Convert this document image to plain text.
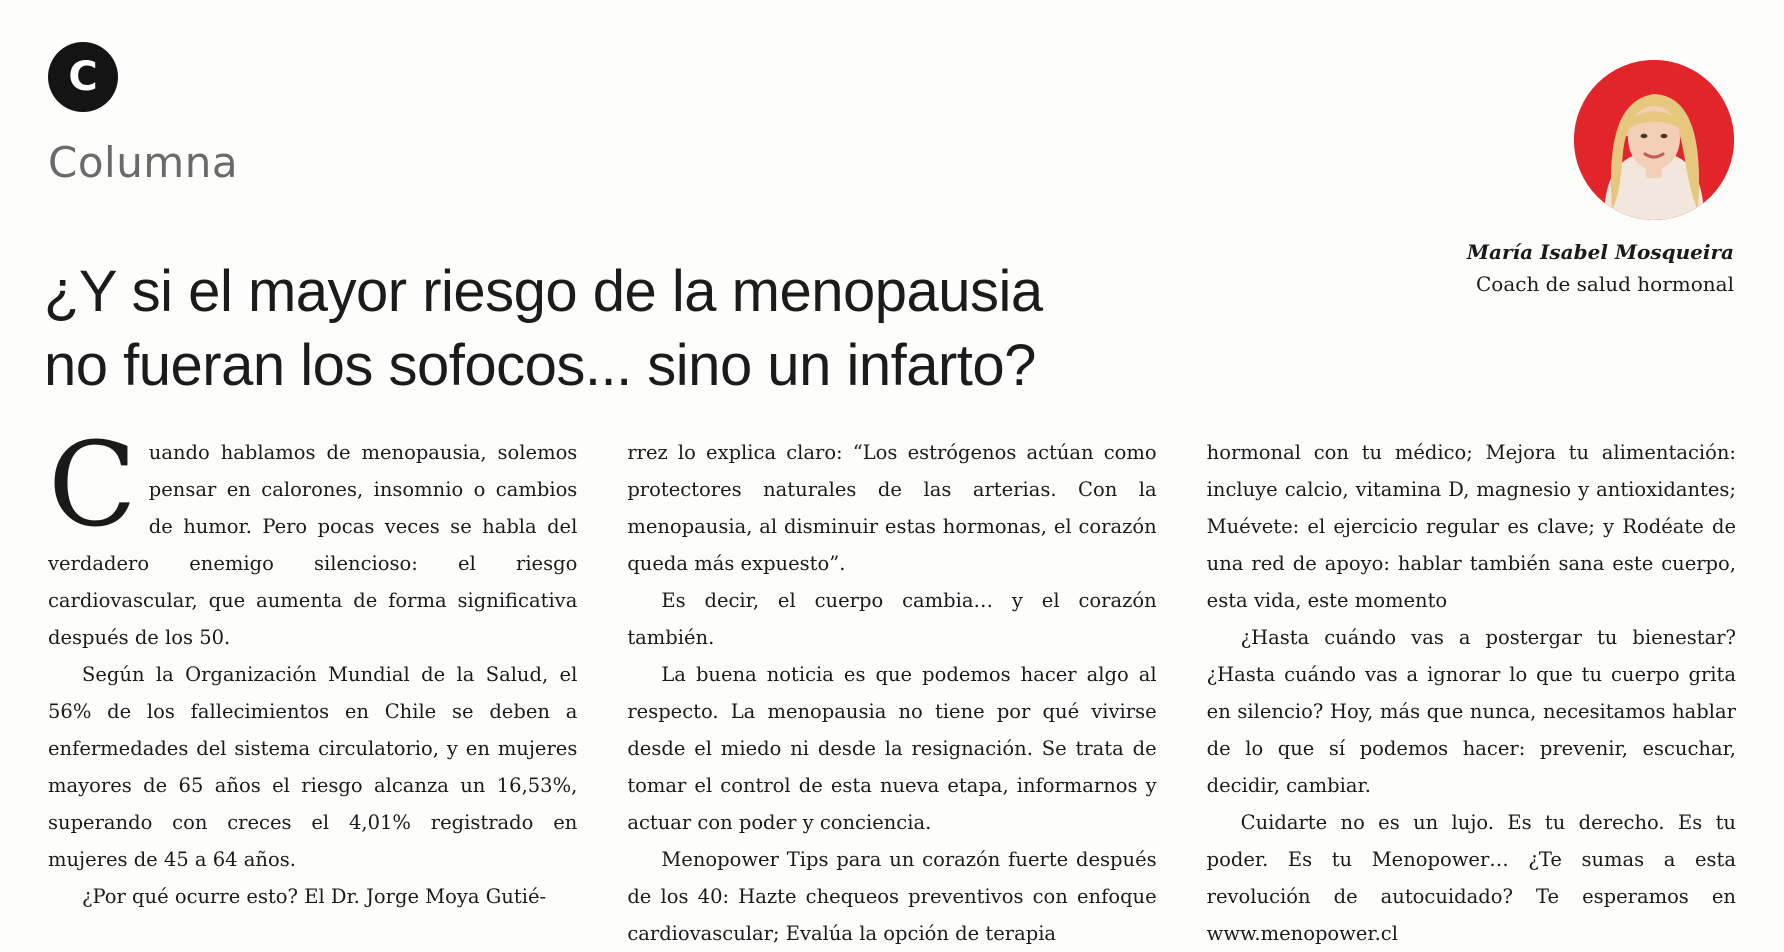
C
Columna
¿Y si el mayor riesgo de la menopausia
no fueran los sofocos... sino un infarto?
María Isabel Mosqueira
Coach de salud hormonal

Cuando hablamos de menopausia, solemos pensar en calorones, insomnio o cambios de humor. Pero pocas veces se habla del verdadero enemigo silencioso: el riesgo cardiovascular, que aumenta de forma significativa después de los 50.

Según la Organización Mundial de la Salud, el 56% de los fallecimientos en Chile se deben a enfermedades del sistema circulatorio, y en mujeres mayores de 65 años el riesgo alcanza un 16,53%, superando con creces el 4,01% registrado en mujeres de 45 a 64 años.

¿Por qué ocurre esto? El Dr. Jorge Moya Gutié-

rrez lo explica claro: “Los estrógenos actúan como protectores naturales de las arterias. Con la menopausia, al disminuir estas hormonas, el corazón queda más expuesto”.

Es decir, el cuerpo cambia… y el corazón también.

La buena noticia es que podemos hacer algo al respecto. La menopausia no tiene por qué vivirse desde el miedo ni desde la resignación. Se trata de tomar el control de esta nueva etapa, informarnos y actuar con poder y conciencia.

Menopower Tips para un corazón fuerte después de los 40: Hazte chequeos preventivos con enfoque cardiovascular; Evalúa la opción de terapia

hormonal con tu médico; Mejora tu alimentación: incluye calcio, vitamina D, magnesio y antioxidantes; Muévete: el ejercicio regular es clave; y Rodéate de una red de apoyo: hablar también sana este cuerpo, esta vida, este momento

¿Hasta cuándo vas a postergar tu bienestar? ¿Hasta cuándo vas a ignorar lo que tu cuerpo grita en silencio? Hoy, más que nunca, necesitamos hablar de lo que sí podemos hacer: prevenir, escuchar, decidir, cambiar.

Cuidarte no es un lujo. Es tu derecho. Es tu poder. Es tu Menopower… ¿Te sumas a esta revolución de autocuidado? Te esperamos en www.menopower.cl
